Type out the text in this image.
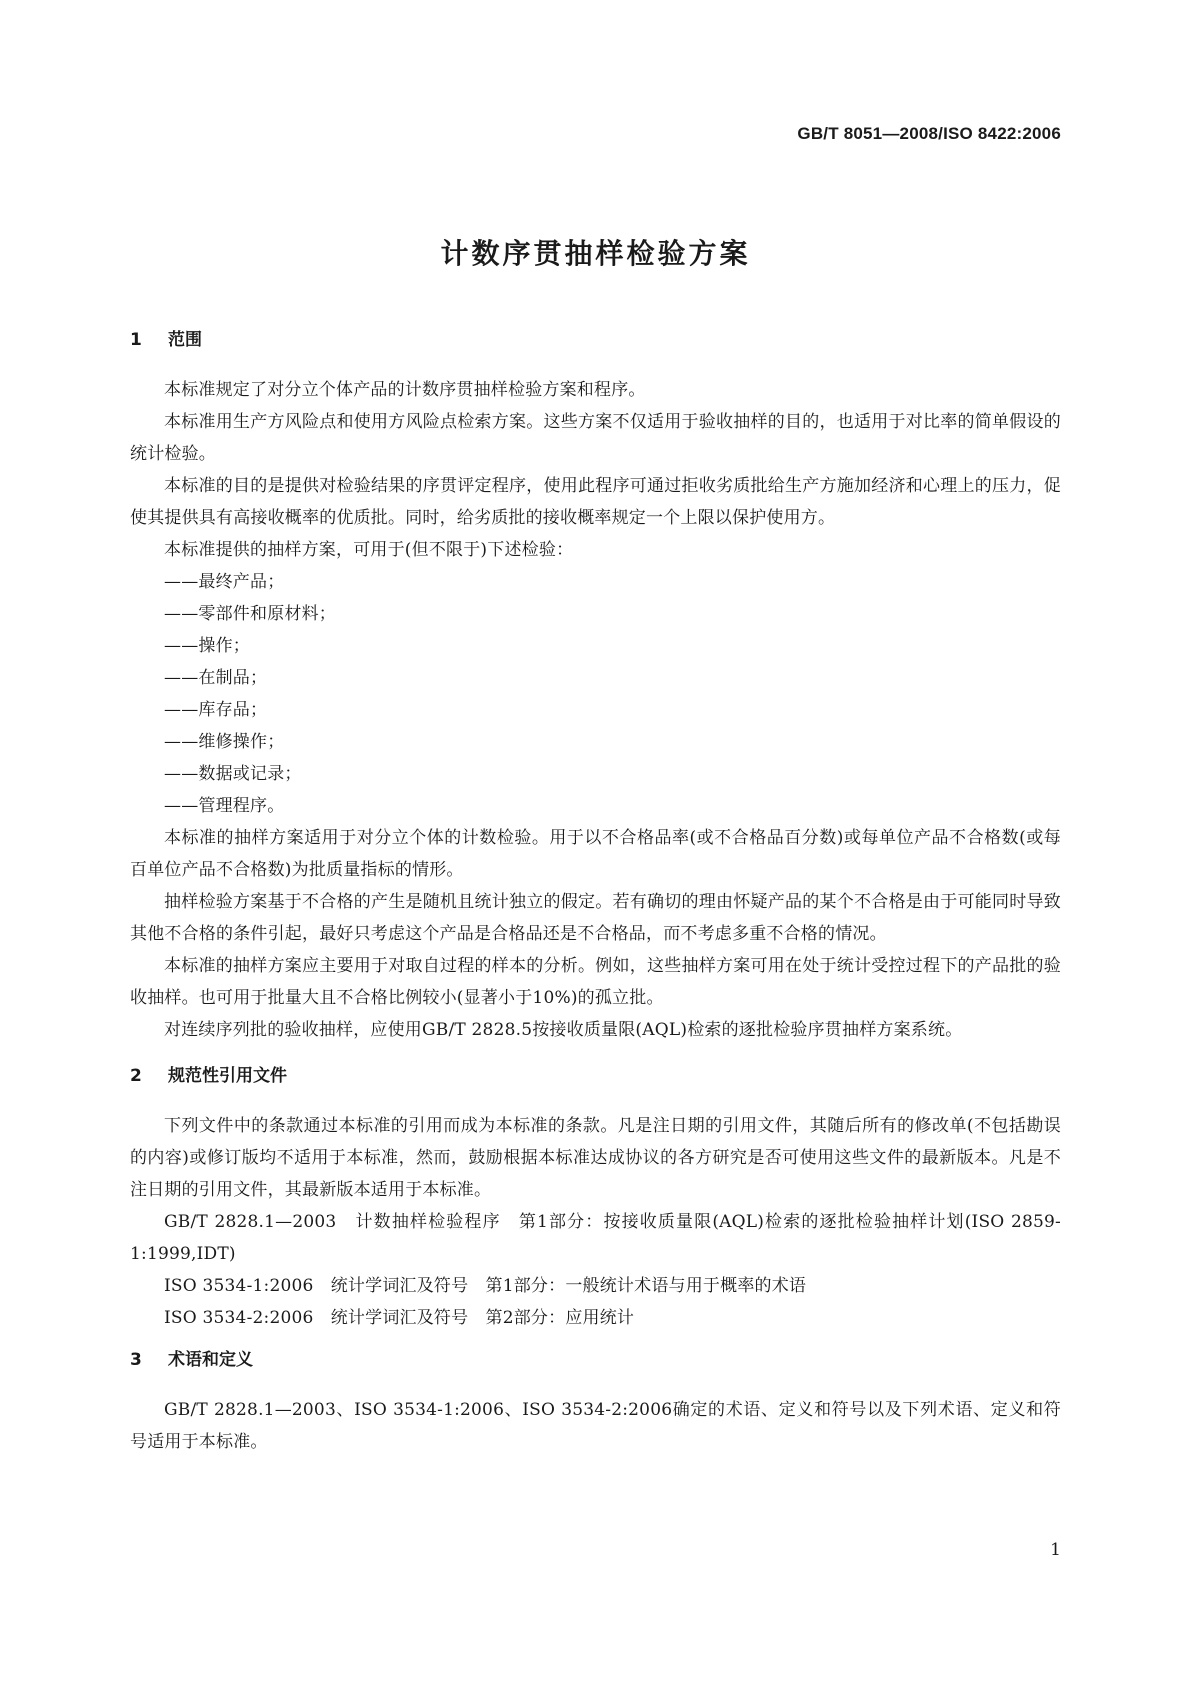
GB/T 8051—2008/ISO 8422:2006
计数序贯抽样检验方案
1 范围

本标准规定了对分立个体产品的计数序贯抽样检验方案和程序。

本标准用生产方风险点和使用方风险点检索方案。这些方案不仅适用于验收抽样的目的，也适用于对比率的简单假设的统计检验。

本标准的目的是提供对检验结果的序贯评定程序，使用此程序可通过拒收劣质批给生产方施加经济和心理上的压力，促使其提供具有高接收概率的优质批。同时，给劣质批的接收概率规定一个上限以保护使用方。

本标准提供的抽样方案，可用于(但不限于)下述检验：

——最终产品；

——零部件和原材料；

——操作；

——在制品；

——库存品；

——维修操作；

——数据或记录；

——管理程序。

本标准的抽样方案适用于对分立个体的计数检验。用于以不合格品率(或不合格品百分数)或每单位产品不合格数(或每百单位产品不合格数)为批质量指标的情形。

抽样检验方案基于不合格的产生是随机且统计独立的假定。若有确切的理由怀疑产品的某个不合格是由于可能同时导致其他不合格的条件引起，最好只考虑这个产品是合格品还是不合格品，而不考虑多重不合格的情况。

本标准的抽样方案应主要用于对取自过程的样本的分析。例如，这些抽样方案可用在处于统计受控过程下的产品批的验收抽样。也可用于批量大且不合格比例较小(显著小于10%)的孤立批。

对连续序列批的验收抽样，应使用GB/T 2828.5按接收质量限(AQL)检索的逐批检验序贯抽样方案系统。

2 规范性引用文件

下列文件中的条款通过本标准的引用而成为本标准的条款。凡是注日期的引用文件，其随后所有的修改单(不包括勘误的内容)或修订版均不适用于本标准，然而，鼓励根据本标准达成协议的各方研究是否可使用这些文件的最新版本。凡是不注日期的引用文件，其最新版本适用于本标准。

GB/T 2828.1—2003　计数抽样检验程序　第1部分：按接收质量限(AQL)检索的逐批检验抽样计划(ISO 2859-1:1999,IDT)

ISO 3534-1:2006　统计学词汇及符号　第1部分：一般统计术语与用于概率的术语

ISO 3534-2:2006　统计学词汇及符号　第2部分：应用统计

3 术语和定义

GB/T 2828.1—2003、ISO 3534-1:2006、ISO 3534-2:2006确定的术语、定义和符号以及下列术语、定义和符号适用于本标准。

1
